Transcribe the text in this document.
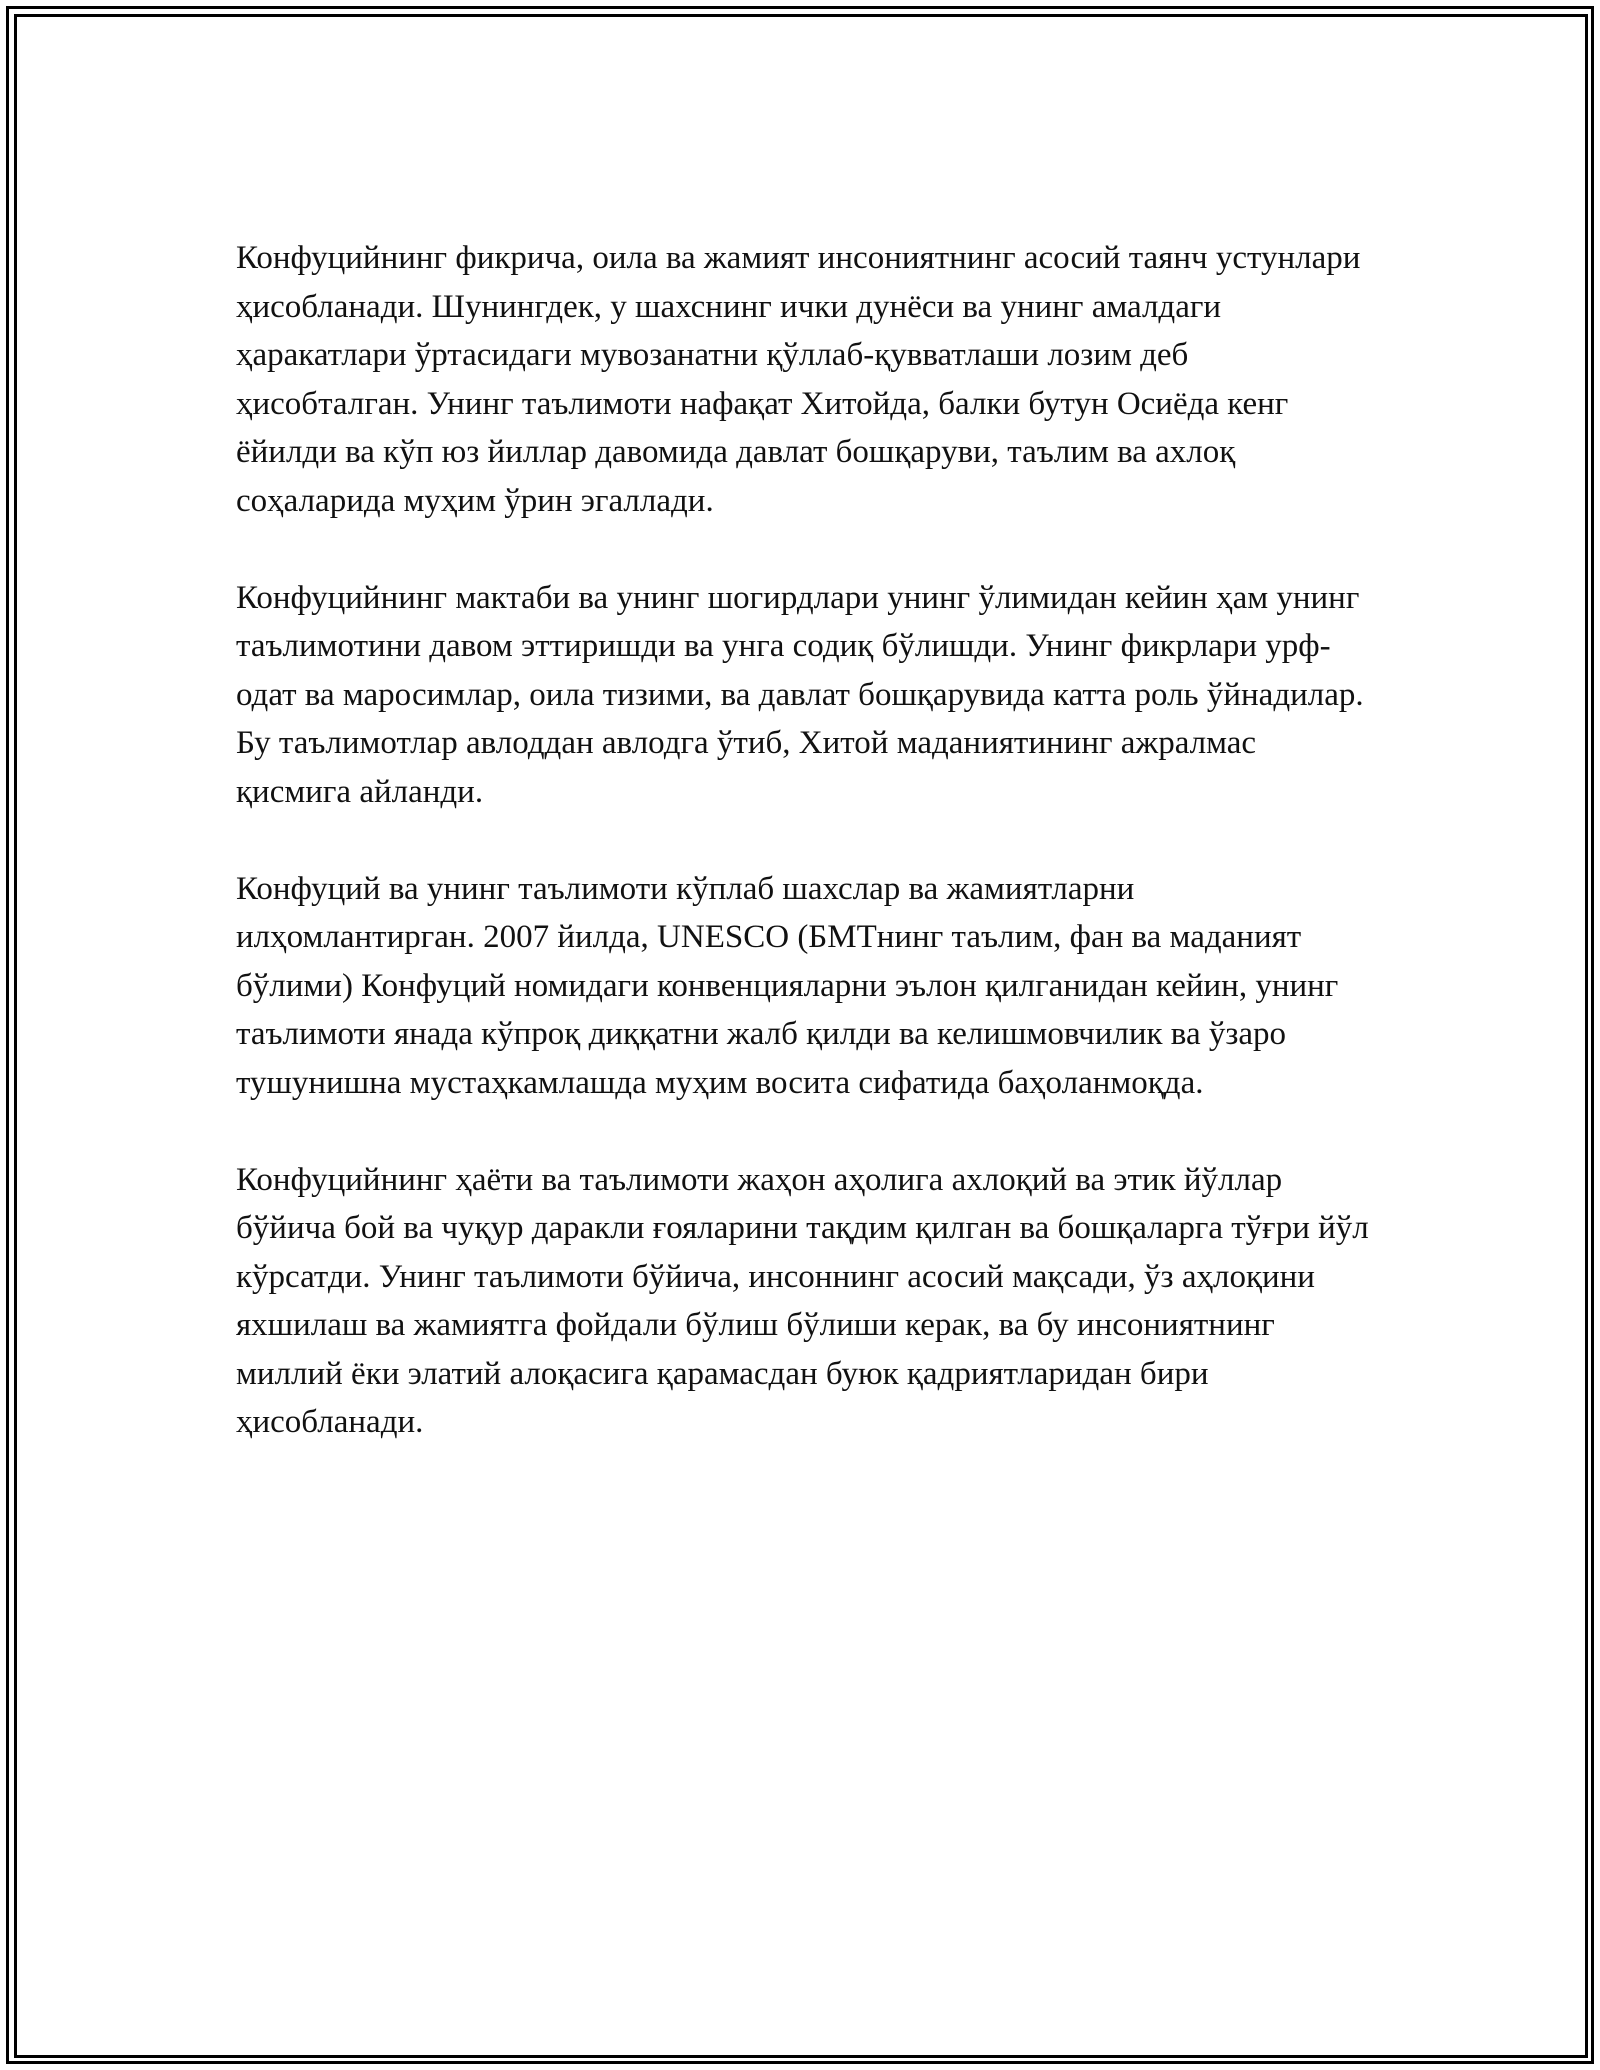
Конфуцийнинг фикрича, оила ва жамият инсониятнинг асосий таянч устунлари ҳисобланади. Шунингдек, у шахснинг ички дунёси ва унинг амалдаги ҳаракатлари ўртасидаги мувозанатни қўллаб-қувватлаши лозим деб ҳисобталган. Унинг таълимоти нафақат Хитойда, балки бутун Осиёда кенг ёйилди ва кўп юз йиллар давомида давлат бошқаруви, таълим ва ахлоқ соҳаларида муҳим ўрин эгаллади.

Конфуцийнинг мактаби ва унинг шогирдлари унинг ўлимидан кейин ҳам унинг таълимотини давом эттиришди ва унга содиқ бўлишди. Унинг фикрлари урф-одат ва маросимлар, оила тизими, ва давлат бошқарувида катта роль ўйнадилар. Бу таълимотлар авлоддан авлодга ўтиб, Хитой маданиятининг ажралмас қисмига айланди.

Конфуций ва унинг таълимоти кўплаб шахслар ва жамиятларни илҳомлантирган. 2007 йилда, UNESCO (БМТнинг таълим, фан ва маданият бўлими) Конфуций номидаги конвенцияларни эълон қилганидан кейин, унинг таълимоти янада кўпроқ диққатни жалб қилди ва келишмовчилик ва ўзаро тушунишна мустаҳкамлашда муҳим восита сифатида баҳоланмоқда.

Конфуцийнинг ҳаёти ва таълимоти жаҳон аҳолига ахлоқий ва этик йўллар бўйича бой ва чуқур даракли ғояларини тақдим қилган ва бошқаларга тўғри йўл кўрсатди. Унинг таълимоти бўйича, инсоннинг асосий мақсади, ўз аҳлоқини яхшилаш ва жамиятга фойдали бўлиш бўлиши керак, ва бу инсониятнинг миллий ёки элатий алоқасига қарамасдан буюк қадриятларидан бири ҳисобланади.
